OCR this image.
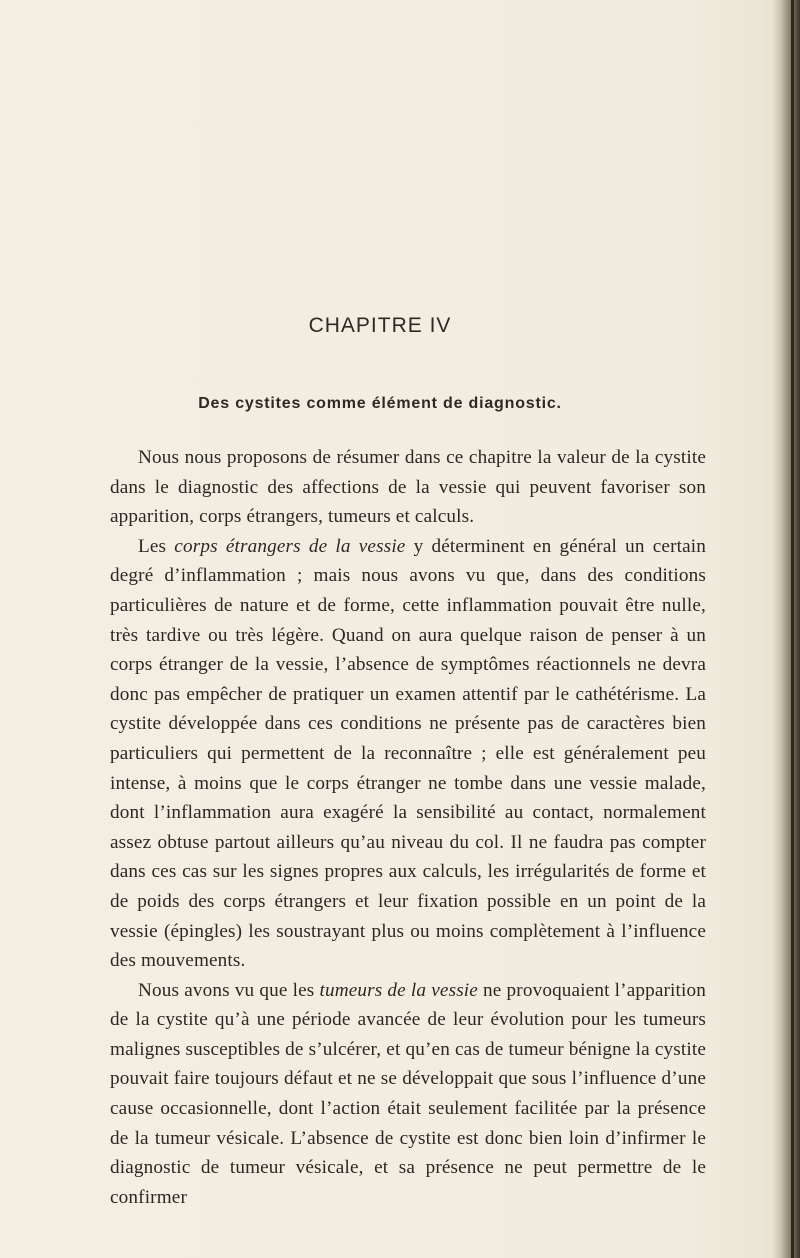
CHAPITRE IV
Des cystites comme élément de diagnostic.

Nous nous proposons de résumer dans ce chapitre la valeur de la cystite dans le diagnostic des affections de la vessie qui peuvent favoriser son apparition, corps étrangers, tumeurs et calculs.

Les corps étrangers de la vessie y déterminent en général un certain degré d’inflammation ; mais nous avons vu que, dans des conditions particulières de nature et de forme, cette inflammation pouvait être nulle, très tardive ou très légère. Quand on aura quelque raison de penser à un corps étranger de la vessie, l’absence de symptômes réactionnels ne devra donc pas empêcher de pratiquer un examen attentif par le cathétérisme. La cystite développée dans ces conditions ne présente pas de caractères bien particuliers qui permettent de la reconnaître ; elle est généralement peu intense, à moins que le corps étranger ne tombe dans une vessie malade, dont l’inflammation aura exagéré la sensibilité au contact, normalement assez obtuse partout ailleurs qu’au niveau du col. Il ne faudra pas compter dans ces cas sur les signes propres aux calculs, les irrégularités de forme et de poids des corps étrangers et leur fixation possible en un point de la vessie (épingles) les soustrayant plus ou moins complètement à l’influence des mouvements.

Nous avons vu que les tumeurs de la vessie ne provoquaient l’apparition de la cystite qu’à une période avancée de leur évolution pour les tumeurs malignes susceptibles de s’ulcérer, et qu’en cas de tumeur bénigne la cystite pouvait faire toujours défaut et ne se développait que sous l’influence d’une cause occasionnelle, dont l’action était seulement facilitée par la présence de la tumeur vésicale. L’absence de cystite est donc bien loin d’infirmer le diagnostic de tumeur vésicale, et sa présence ne peut permettre de le confirmer
